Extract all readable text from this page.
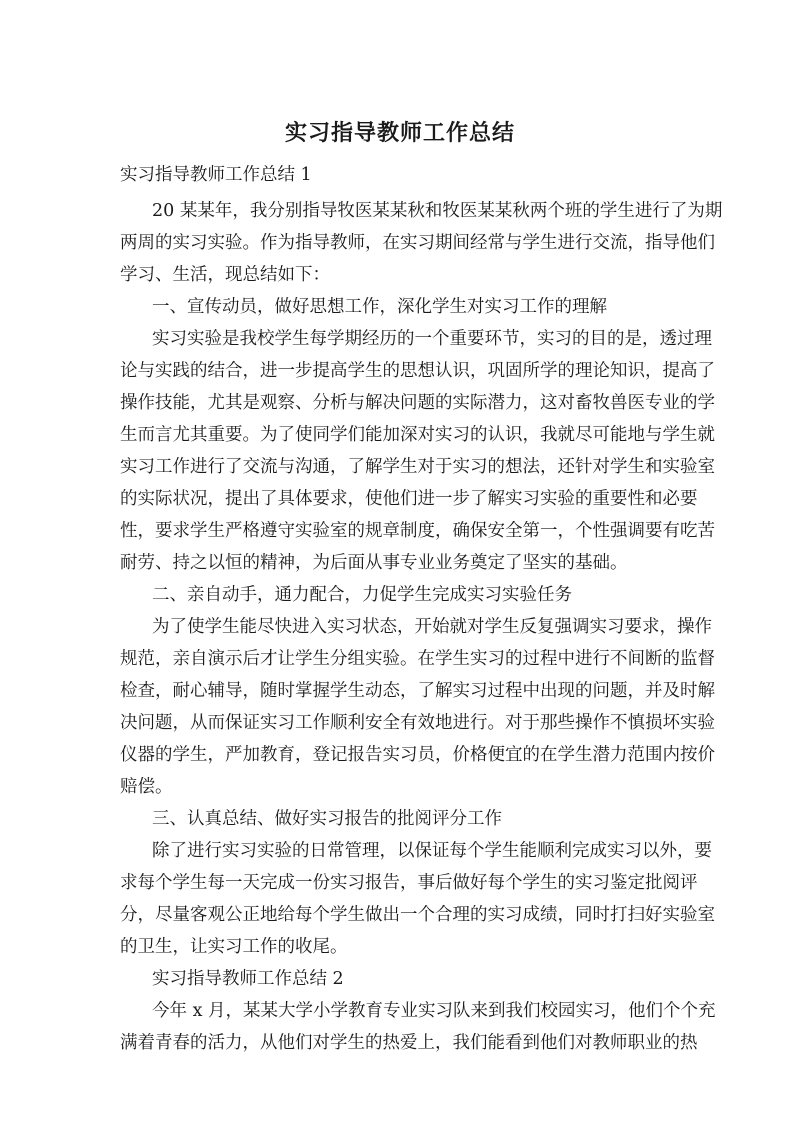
实习指导教师工作总结
实习指导教师工作总结 1
20 某某年，我分别指导牧医某某秋和牧医某某秋两个班的学生进行了为期
两周的实习实验。作为指导教师，在实习期间经常与学生进行交流，指导他们
学习、生活，现总结如下：
一、宣传动员，做好思想工作，深化学生对实习工作的理解
实习实验是我校学生每学期经历的一个重要环节，实习的目的是，透过理
论与实践的结合，进一步提高学生的思想认识，巩固所学的理论知识，提高了
操作技能，尤其是观察、分析与解决问题的实际潜力，这对畜牧兽医专业的学
生而言尤其重要。为了使同学们能加深对实习的认识，我就尽可能地与学生就
实习工作进行了交流与沟通，了解学生对于实习的想法，还针对学生和实验室
的实际状况，提出了具体要求，使他们进一步了解实习实验的重要性和必要
性，要求学生严格遵守实验室的规章制度，确保安全第一，个性强调要有吃苦
耐劳、持之以恒的精神，为后面从事专业业务奠定了坚实的基础。
二、亲自动手，通力配合，力促学生完成实习实验任务
为了使学生能尽快进入实习状态，开始就对学生反复强调实习要求，操作
规范，亲自演示后才让学生分组实验。在学生实习的过程中进行不间断的监督
检查，耐心辅导，随时掌握学生动态，了解实习过程中出现的问题，并及时解
决问题，从而保证实习工作顺利安全有效地进行。对于那些操作不慎损坏实验
仪器的学生，严加教育，登记报告实习员，价格便宜的在学生潜力范围内按价
赔偿。
三、认真总结、做好实习报告的批阅评分工作
除了进行实习实验的日常管理，以保证每个学生能顺利完成实习以外，要
求每个学生每一天完成一份实习报告，事后做好每个学生的实习鉴定批阅评
分，尽量客观公正地给每个学生做出一个合理的实习成绩，同时打扫好实验室
的卫生，让实习工作的收尾。
实习指导教师工作总结 2
今年 x 月，某某大学小学教育专业实习队来到我们校园实习，他们个个充
满着青春的活力，从他们对学生的热爱上，我们能看到他们对教师职业的热
